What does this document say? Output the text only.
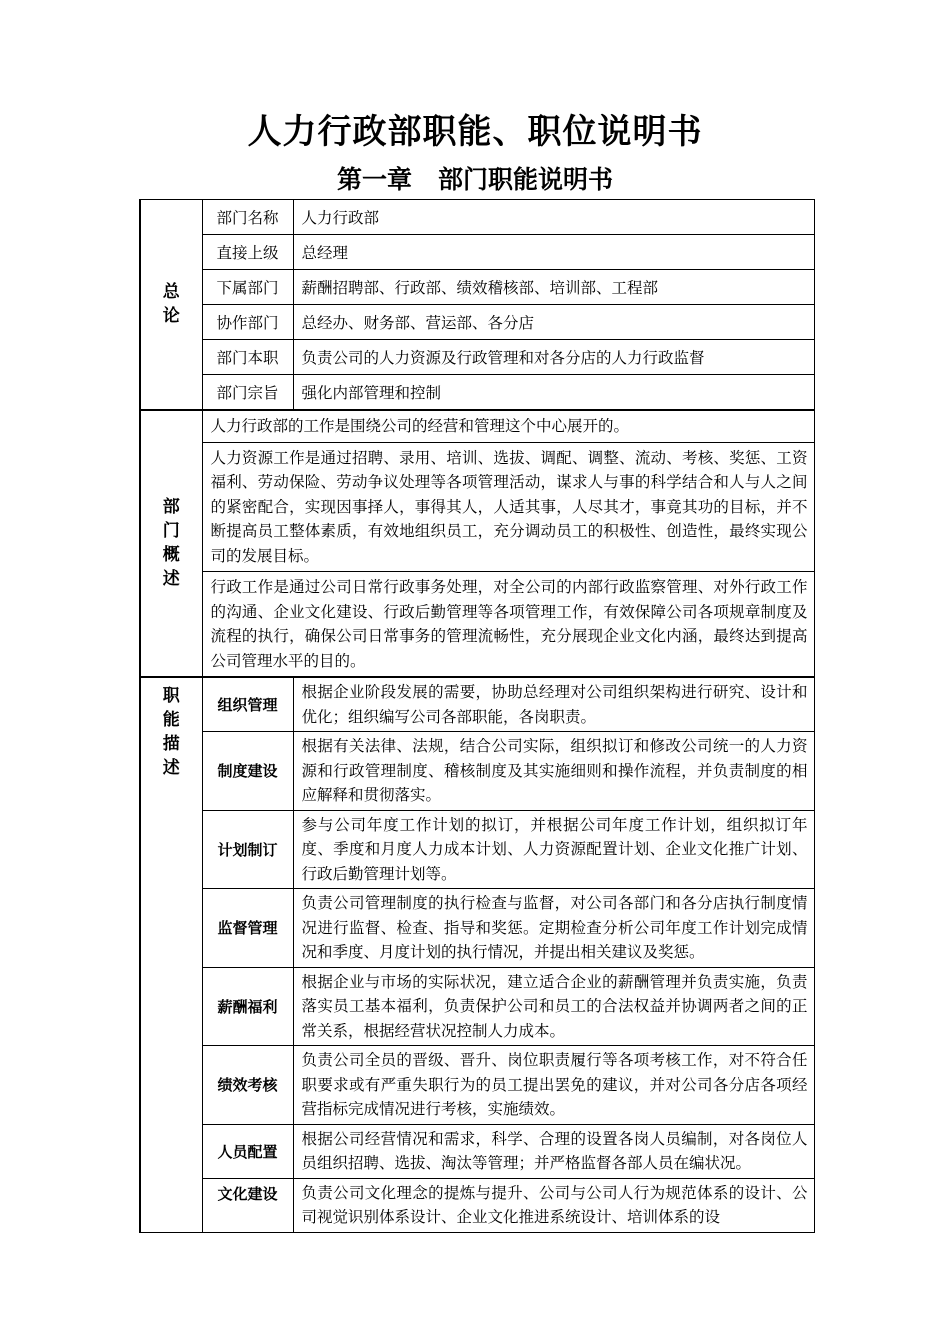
人力行政部职能、职位说明书
第一章 部门职能说明书
总论	部门名称	人力行政部
	直接上级	总经理
	下属部门	薪酬招聘部、行政部、绩效稽核部、培训部、工程部
	协作部门	总经办、财务部、营运部、各分店
	部门本职	负责公司的人力资源及行政管理和对各分店的人力行政监督
	部门宗旨	强化内部管理和控制
部门概述	人力行政部的工作是围绕公司的经营和管理这个中心展开的。	
	人力资源工作是通过招聘、录用、培训、选拔、调配、调整、流动、考核、奖惩、工资福利、劳动保险、劳动争议处理等各项管理活动，谋求人与事的科学结合和人与人之间的紧密配合，实现因事择人，事得其人，人适其事，人尽其才，事竟其功的目标，并不断提高员工整体素质，有效地组织员工，充分调动员工的积极性、创造性，最终实现公司的发展目标。	
	行政工作是通过公司日常行政事务处理，对全公司的内部行政监察管理、对外行政工作的沟通、企业文化建设、行政后勤管理等各项管理工作，有效保障公司各项规章制度及流程的执行，确保公司日常事务的管理流畅性，充分展现企业文化内涵，最终达到提高公司管理水平的目的。	
职能描述	组织管理	根据企业阶段发展的需要，协助总经理对公司组织架构进行研究、设计和优化；组织编写公司各部职能，各岗职责。
	制度建设	根据有关法律、法规，结合公司实际，组织拟订和修改公司统一的人力资源和行政管理制度、稽核制度及其实施细则和操作流程，并负责制度的相应解释和贯彻落实。
	计划制订	参与公司年度工作计划的拟订，并根据公司年度工作计划，组织拟订年度、季度和月度人力成本计划、人力资源配置计划、企业文化推广计划、行政后勤管理计划等。
	监督管理	负责公司管理制度的执行检查与监督，对公司各部门和各分店执行制度情况进行监督、检查、指导和奖惩。定期检查分析公司年度工作计划完成情况和季度、月度计划的执行情况，并提出相关建议及奖惩。
	薪酬福利	根据企业与市场的实际状况，建立适合企业的薪酬管理并负责实施，负责落实员工基本福利，负责保护公司和员工的合法权益并协调两者之间的正常关系，根据经营状况控制人力成本。
	绩效考核	负责公司全员的晋级、晋升、岗位职责履行等各项考核工作，对不符合任职要求或有严重失职行为的员工提出罢免的建议，并对公司各分店各项经营指标完成情况进行考核，实施绩效。
	人员配置	根据公司经营情况和需求，科学、合理的设置各岗人员编制，对各岗位人员组织招聘、选拔、淘汰等管理；并严格监督各部人员在编状况。
	文化建设	负责公司文化理念的提炼与提升、公司与公司人行为规范体系的设计、公司视觉识别体系设计、企业文化推进系统设计、培训体系的设
